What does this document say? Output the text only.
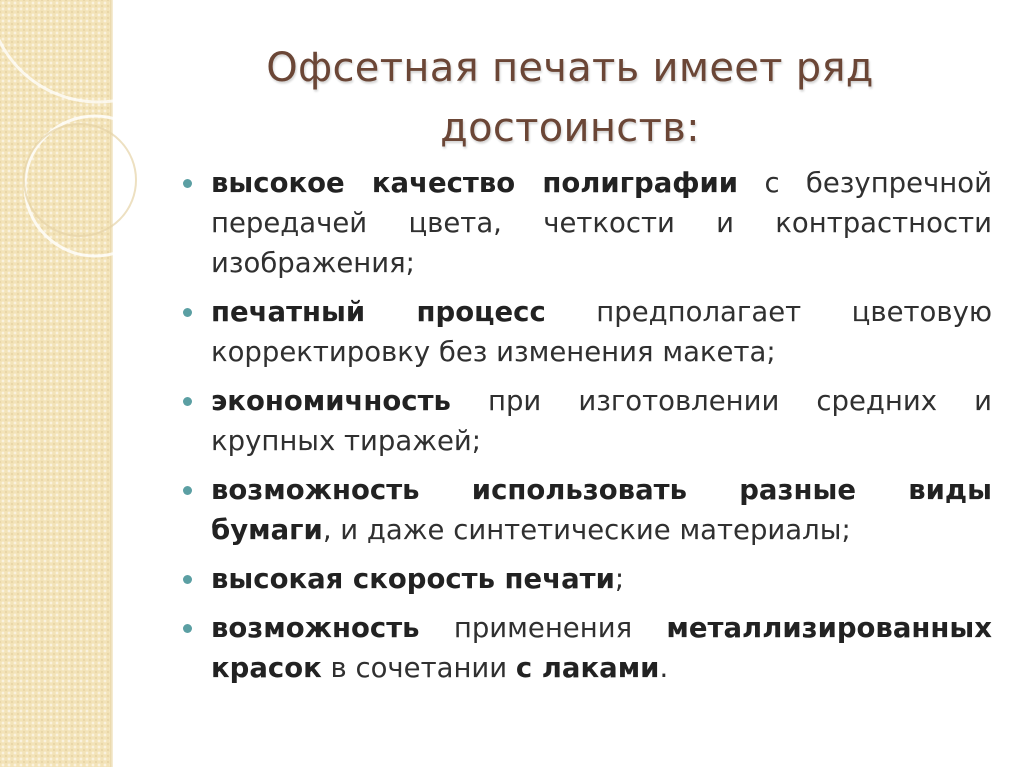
Офсетная печать имеет ряд
достоинств:
высокое качество полиграфии с безупречной передачей цвета, четкости и контрастности изображения;
печатный процесс предполагает цветовую корректировку без изменения макета;
экономичность при изготовлении средних и крупных тиражей;
возможность использовать разные виды бумаги, и даже синтетические материалы;
высокая скорость печати;
возможность применения металлизированных красок в сочетании с лаками.
